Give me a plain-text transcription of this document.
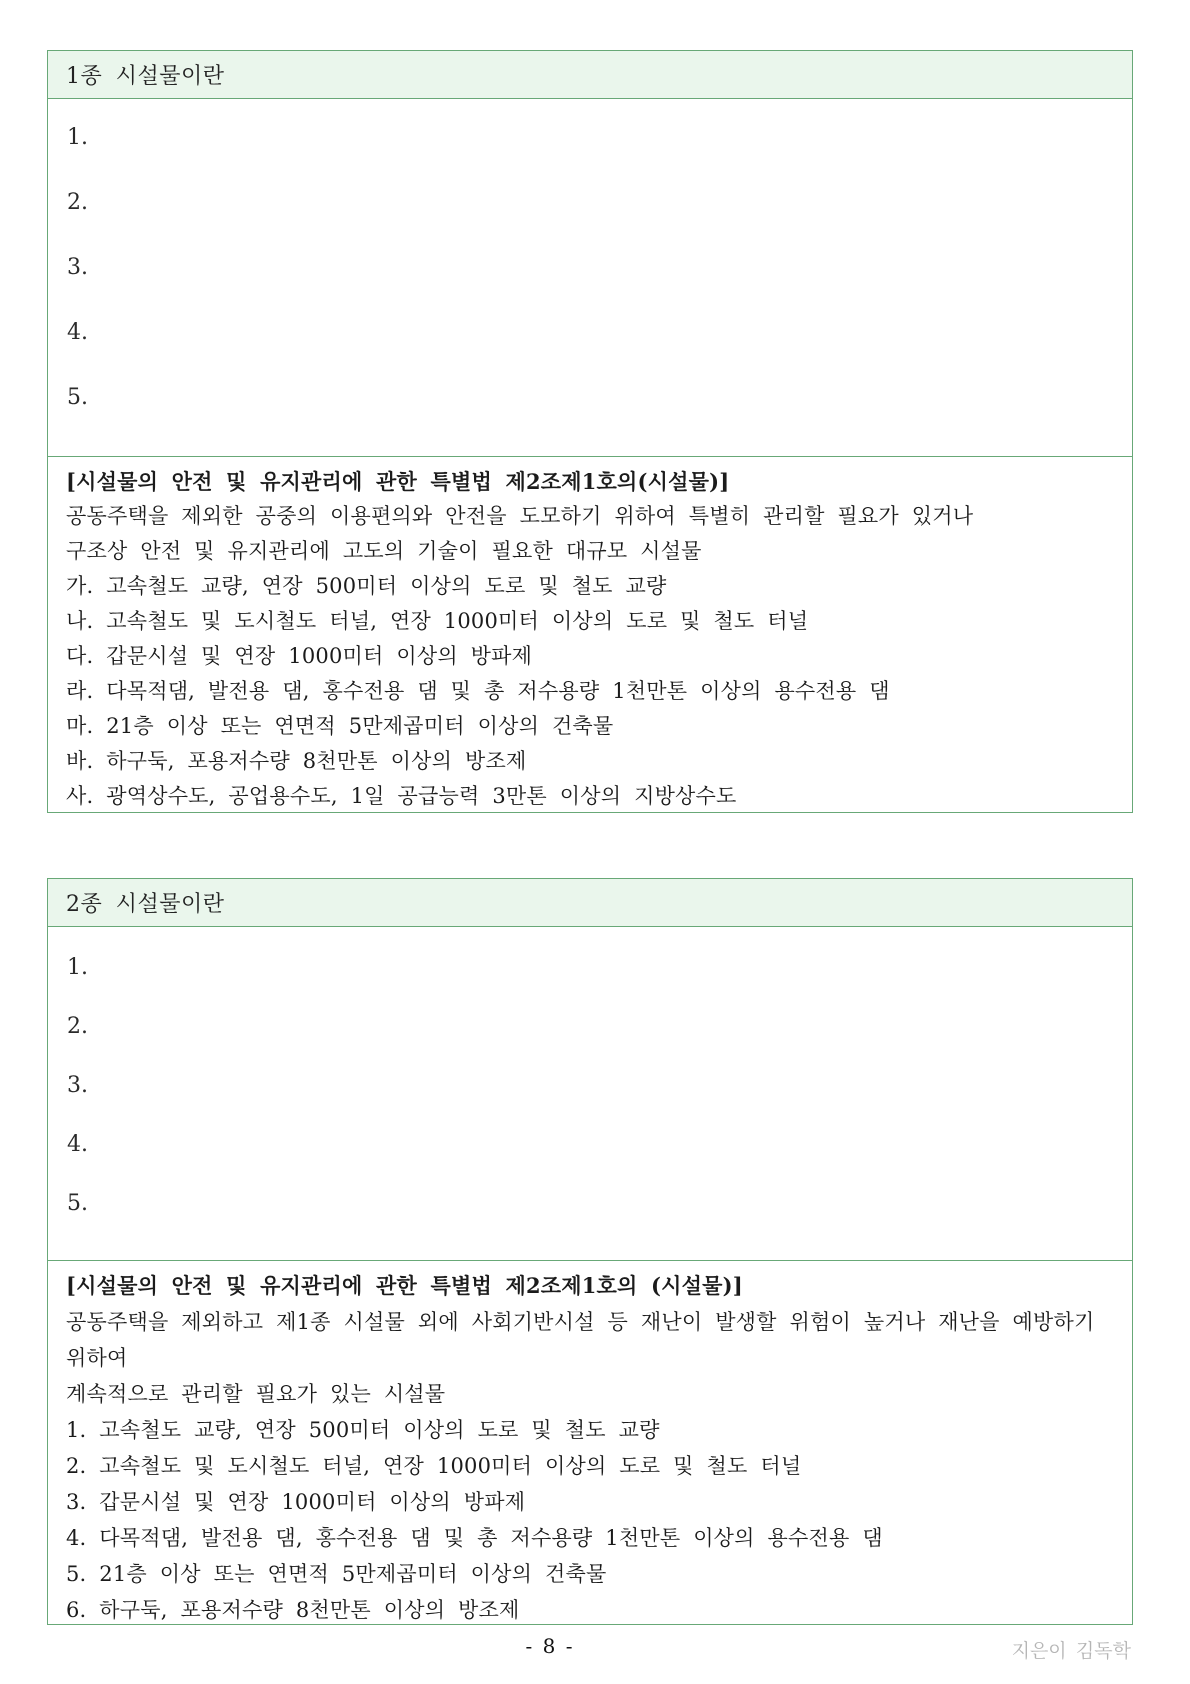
1종 시설물이란
1.
2.
3.
4.
5.

[시설물의 안전 및 유지관리에 관한 특별법 제2조제1호의(시설물)]

공동주택을 제외한 공중의 이용편의와 안전을 도모하기 위하여 특별히 관리할 필요가 있거나

구조상 안전 및 유지관리에 고도의 기술이 필요한 대규모 시설물

가. 고속철도 교량, 연장 500미터 이상의 도로 및 철도 교량

나. 고속철도 및 도시철도 터널, 연장 1000미터 이상의 도로 및 철도 터널

다. 갑문시설 및 연장 1000미터 이상의 방파제

라. 다목적댐, 발전용 댐, 홍수전용 댐 및 총 저수용량 1천만톤 이상의 용수전용 댐

마. 21층 이상 또는 연면적 5만제곱미터 이상의 건축물

바. 하구둑, 포용저수량 8천만톤 이상의 방조제

사. 광역상수도, 공업용수도, 1일 공급능력 3만톤 이상의 지방상수도

2종 시설물이란
1.
2.
3.
4.
5.

[시설물의 안전 및 유지관리에 관한 특별법 제2조제1호의 (시설물)]

공동주택을 제외하고 제1종 시설물 외에 사회기반시설 등 재난이 발생할 위험이 높거나 재난을 예방하기 위하여

계속적으로 관리할 필요가 있는 시설물

1. 고속철도 교량, 연장 500미터 이상의 도로 및 철도 교량

2. 고속철도 및 도시철도 터널, 연장 1000미터 이상의 도로 및 철도 터널

3. 갑문시설 및 연장 1000미터 이상의 방파제

4. 다목적댐, 발전용 댐, 홍수전용 댐 및 총 저수용량 1천만톤 이상의 용수전용 댐

5. 21층 이상 또는 연면적 5만제곱미터 이상의 건축물

6. 하구둑, 포용저수량 8천만톤 이상의 방조제

- 8 -	지은이 김독학
